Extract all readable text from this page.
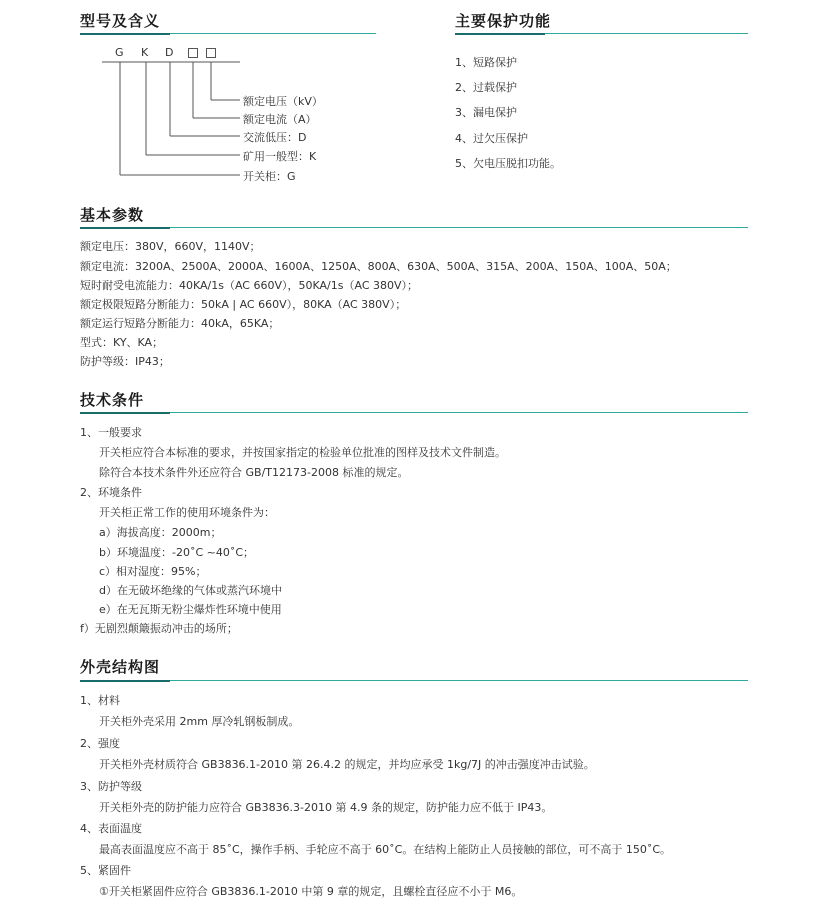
型号及含义
G K D
额定电压（kV）
额定电流（A）
交流低压：D
矿用一般型：K
开关柜：G
主要保护功能
1、短路保护
2、过载保护
3、漏电保护
4、过欠压保护
5、欠电压脱扣功能。
基本参数
额定电压：380V，660V，1140V；
额定电流：3200A、2500A、2000A、1600A、1250A、800A、630A、500A、315A、200A、150A、100A、50A；
短时耐受电流能力：40KA/1s（AC 660V），50KA/1s（AC 380V）；
额定极限短路分断能力：50kA | AC 660V），80KA（AC 380V）；
额定运行短路分断能力：40kA，65KA；
型式：KY、KA；
防护等级：IP43；
技术条件
1、一般要求
开关柜应符合本标准的要求，并按国家指定的检验单位批准的图样及技术文件制造。
除符合本技术条件外还应符合 GB/T12173-2008 标准的规定。
2、环境条件
开关柜正常工作的使用环境条件为：
a）海拔高度：2000m；
b）环境温度：-20˚C ~40˚C；
c）相对湿度：95%；
d）在无破坏绝缘的气体或蒸汽环境中
e）在无瓦斯无粉尘爆炸性环境中使用
f）无剧烈颠簸振动冲击的场所；
外壳结构图
1、材料
开关柜外壳采用 2mm 厚冷轧钢板制成。
2、强度
开关柜外壳材质符合 GB3836.1-2010 第 26.4.2 的规定，并均应承受 1kg/7J 的冲击强度冲击试验。
3、防护等级
开关柜外壳的防护能力应符合 GB3836.3-2010 第 4.9 条的规定，防护能力应不低于 IP43。
4、表面温度
最高表面温度应不高于 85˚C，操作手柄、手轮应不高于 60˚C。在结构上能防止人员接触的部位，可不高于 150˚C。
5、紧固件
①开关柜紧固件应符合 GB3836.1-2010 中第 9 章的规定，且螺栓直径应不小于 M6。
